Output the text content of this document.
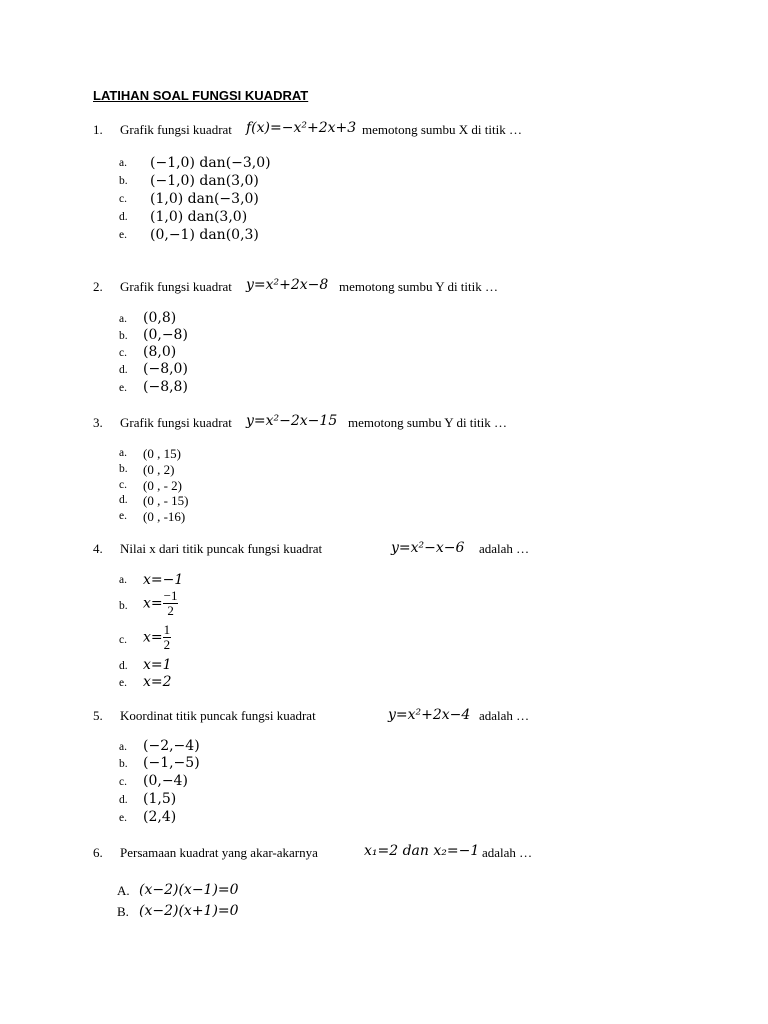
LATIHAN SOAL FUNGSI KUADRAT
1. Grafik fungsi kuadrat f(x)=−x²+2x+3 memotong sumbu X di titik …
a. (−1,0) dan(−3,0)
b. (−1,0) dan(3,0)
c. (1,0) dan(−3,0)
d. (1,0) dan(3,0)
e. (0,−1) dan(0,3)
2. Grafik fungsi kuadrat y=x²+2x−8 memotong sumbu Y di titik …
a. (0,8)
b. (0,−8)
c. (8,0)
d. (−8,0)
e. (−8,8)
3. Grafik fungsi kuadrat y=x²−2x−15 memotong sumbu Y di titik …
a. (0 , 15)
b. (0 , 2)
c. (0 , - 2)
d. (0 , - 15)
e. (0 , -16)
4. Nilai x dari titik puncak fungsi kuadrat	y=x²−x−6 adalah …
a. x=−1
b. $x= \frac{-1}{2}$
c. $x= \frac{1}{2}$
d. x=1
e. x=2
5. Koordinat titik puncak fungsi kuadrat	y=x²+2x−4 adalah …
a. (−2,−4)
b. (−1,−5)
c. (0,−4)
d. (1,5)
e. (2,4)
6. Persamaan kuadrat yang akar-akarnya	x₁=2 dan x₂=−1 adalah …
A. (x−2)(x−1)=0
B. (x−2)(x+1)=0
